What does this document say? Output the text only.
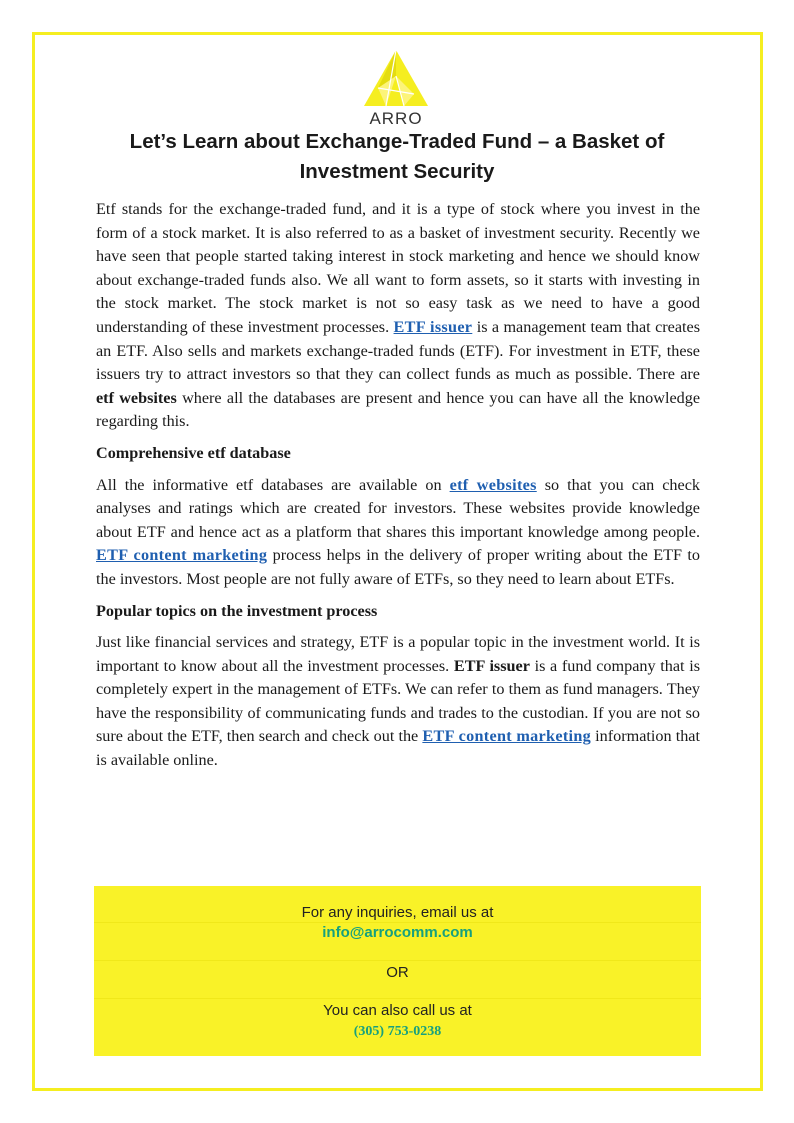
ARRO
Let’s Learn about Exchange-Traded Fund – a Basket of Investment Security

Etf stands for the exchange-traded fund, and it is a type of stock where you invest in the form of a stock market. It is also referred to as a basket of investment security. Recently we have seen that people started taking interest in stock marketing and hence we should know about exchange-traded funds also. We all want to form assets, so it starts with investing in the stock market. The stock market is not so easy task as we need to have a good understanding of these investment processes. ETF issuer is a management team that creates an ETF. Also sells and markets exchange-traded funds (ETF). For investment in ETF, these issuers try to attract investors so that they can collect funds as much as possible. There are etf websites where all the databases are present and hence you can have all the knowledge regarding this.

Comprehensive etf database

All the informative etf databases are available on etf websites so that you can check analyses and ratings which are created for investors. These websites provide knowledge about ETF and hence act as a platform that shares this important knowledge among people. ETF content marketing process helps in the delivery of proper writing about the ETF to the investors. Most people are not fully aware of ETFs, so they need to learn about ETFs.

Popular topics on the investment process

Just like financial services and strategy, ETF is a popular topic in the investment world. It is important to know about all the investment processes. ETF issuer is a fund company that is completely expert in the management of ETFs. We can refer to them as fund managers. They have the responsibility of communicating funds and trades to the custodian. If you are not so sure about the ETF, then search and check out the ETF content marketing information that is available online.

For any inquiries, email us at
info@arrocomm.com
OR
You can also call us at
(305) 753-0238
